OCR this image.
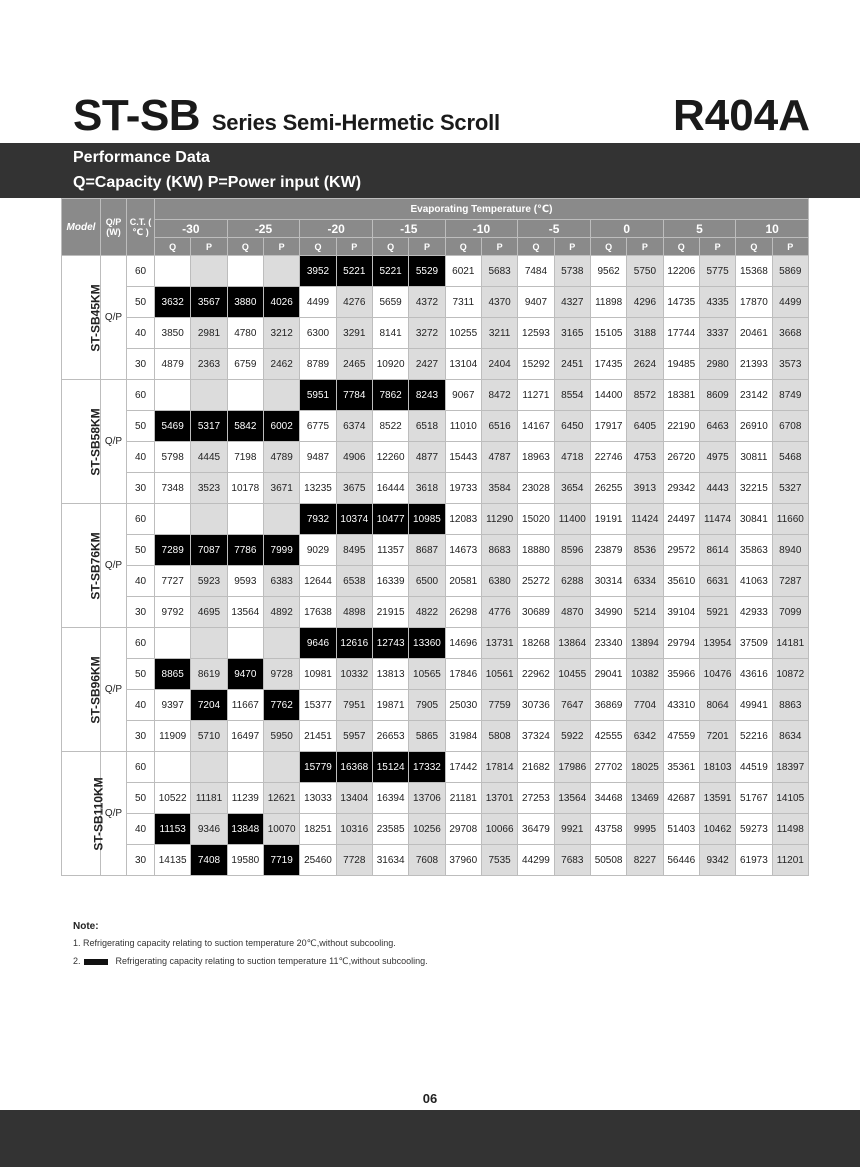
ST-SB Series Semi-Hermetic Scroll	R404A
Performance Data
Q=Capacity (KW) P=Power input (KW)
Model	Q/P (W)	C.T. ( ℃ )	Evaporating Temperature (℃)																	
			-30		-25		-20		-15		-10		-5		0		5		10	
			Q	P	Q	P	Q	P	Q	P	Q	P	Q	P	Q	P	Q	P	Q	P
ST-SB45KM	Q/P	60					3952	5221	5221	5529	6021	5683	7484	5738	9562	5750	12206	5775	15368	5869
		50	3632	3567	3880	4026	4499	4276	5659	4372	7311	4370	9407	4327	11898	4296	14735	4335	17870	4499
		40	3850	2981	4780	3212	6300	3291	8141	3272	10255	3211	12593	3165	15105	3188	17744	3337	20461	3668
		30	4879	2363	6759	2462	8789	2465	10920	2427	13104	2404	15292	2451	17435	2624	19485	2980	21393	3573
ST-SB58KM	Q/P	60					5951	7784	7862	8243	9067	8472	11271	8554	14400	8572	18381	8609	23142	8749
		50	5469	5317	5842	6002	6775	6374	8522	6518	11010	6516	14167	6450	17917	6405	22190	6463	26910	6708
		40	5798	4445	7198	4789	9487	4906	12260	4877	15443	4787	18963	4718	22746	4753	26720	4975	30811	5468
		30	7348	3523	10178	3671	13235	3675	16444	3618	19733	3584	23028	3654	26255	3913	29342	4443	32215	5327
ST-SB76KM	Q/P	60					7932	10374	10477	10985	12083	11290	15020	11400	19191	11424	24497	11474	30841	11660
		50	7289	7087	7786	7999	9029	8495	11357	8687	14673	8683	18880	8596	23879	8536	29572	8614	35863	8940
		40	7727	5923	9593	6383	12644	6538	16339	6500	20581	6380	25272	6288	30314	6334	35610	6631	41063	7287
		30	9792	4695	13564	4892	17638	4898	21915	4822	26298	4776	30689	4870	34990	5214	39104	5921	42933	7099
ST-SB96KM	Q/P	60					9646	12616	12743	13360	14696	13731	18268	13864	23340	13894	29794	13954	37509	14181
		50	8865	8619	9470	9728	10981	10332	13813	10565	17846	10561	22962	10455	29041	10382	35966	10476	43616	10872
		40	9397	7204	11667	7762	15377	7951	19871	7905	25030	7759	30736	7647	36869	7704	43310	8064	49941	8863
		30	11909	5710	16497	5950	21451	5957	26653	5865	31984	5808	37324	5922	42555	6342	47559	7201	52216	8634
ST-SB110KM	Q/P	60					15779	16368	15124	17332	17442	17814	21682	17986	27702	18025	35361	18103	44519	18397
		50	10522	11181	11239	12621	13033	13404	16394	13706	21181	13701	27253	13564	34468	13469	42687	13591	51767	14105
		40	11153	9346	13848	10070	18251	10316	23585	10256	29708	10066	36479	9921	43758	9995	51403	10462	59273	11498
		30	14135	7408	19580	7719	25460	7728	31634	7608	37960	7535	44299	7683	50508	8227	56446	9342	61973	11201
Note:
1. Refrigerating capacity relating to suction temperature 20℃,without subcooling.
2.	Refrigerating capacity relating to suction temperature 11℃,without subcooling.
06
